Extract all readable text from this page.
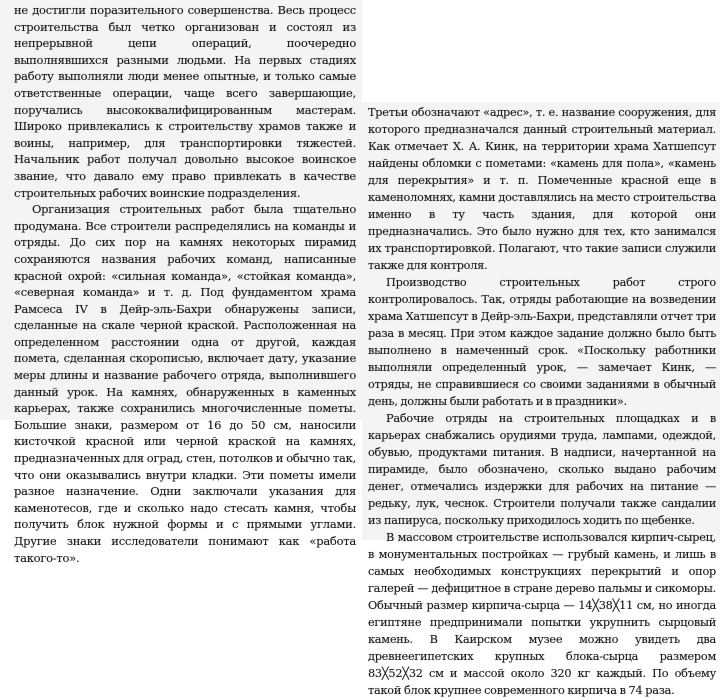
не достигли поразительного совершенства. Весь процесс строительства был четко организован и состоял из непрерывной цепи операций, поочередно выполнявшихся разными людьми. На первых стадиях работу выполняли люди менее опытные, и только самые ответственные операции, чаще всего завершающие, поручались высококвалифицированным мастерам. Широко привлекались к строительству храмов также и воины, например, для транспортировки тяжестей. Начальник работ получал довольно высокое воинское звание, что давало ему право привлекать в качестве строительных рабочих воинские подразделения.

Организация строительных работ была тщательно продумана. Все строители распределялись на команды и отряды. До сих пор на камнях некоторых пирамид сохраняются названия рабочих команд, написанные красной охрой: «сильная команда», «стойкая команда», «северная команда» и т. д. Под фундаментом храма Рамсеса IV в Дейр-эль-Бахри обнаружены записи, сделанные на скале черной краской. Расположенная на определенном расстоянии одна от другой, каждая помета, сделанная скорописью, включает дату, указание меры длины и название рабочего отряда, выполнившего данный урок. На камнях, обнаруженных в каменных карьерах, также сохранились многочисленные пометы. Большие знаки, размером от 16 до 50 см, наносили кисточкой красной или черной краской на камнях, предназначенных для оград, стен, потолков и обычно так, что они оказывались внутри кладки. Эти пометы имели разное назначение. Одни заключали указания для каменотесов, где и сколько надо стесать камня, чтобы получить блок нужной формы и с прямыми углами. Другие знаки исследователи понимают как «работа такого-то».

Третьи обозначают «адрес», т. е. название сооружения, для которого предназначался данный строительный материал. Как отмечает Х. А. Кинк, на территории храма Хатшепсут найдены обломки с пометами: «камень для пола», «камень для перекрытия» и т. п. Помеченные красной еще в каменоломнях, камни доставлялись на место строительства именно в ту часть здания, для которой они предназначались. Это было нужно для тех, кто занимался их транспортировкой. Полагают, что такие записи служили также для контроля.

Производство строительных работ строго контролировалось. Так, отряды работающие на возведении храма Хатшепсут в Дейр-эль-Бахри, представляли отчет три раза в месяц. При этом каждое задание должно было быть выполнено в намеченный срок. «Поскольку работники выполняли определенный урок, — замечает Кинк, — отряды, не справившиеся со своими заданиями в обычный день, должны были работать и в праздники».

Рабочие отряды на строительных площадках и в карьерах снабжались орудиями труда, лампами, одеждой, обувью, продуктами питания. В надписи, начертанной на пирамиде, было обозначено, сколько выдано рабочим денег, отмечались издержки для рабочих на питание — редьку, лук, чеснок. Строители получали также сандалии из папируса, поскольку приходилось ходить по щебенке.

В массовом строительстве использовался кирпич-сырец, в монументальных постройках — грубый камень, и лишь в самых необходимых конструкциях перекрытий и опор галерей — дефицитное в стране дерево пальмы и сикоморы. Обычный размер кирпича-сырца — 14╳38╳11 см, но иногда египтяне предпринимали попытки укрупнить сырцовый камень. В Каирском музее можно увидеть два древнеегипетских крупных блока-сырца размером 83╳52╳32 см и массой около 320 кг каждый. По объему такой блок крупнее современного кирпича в 74 раза.
